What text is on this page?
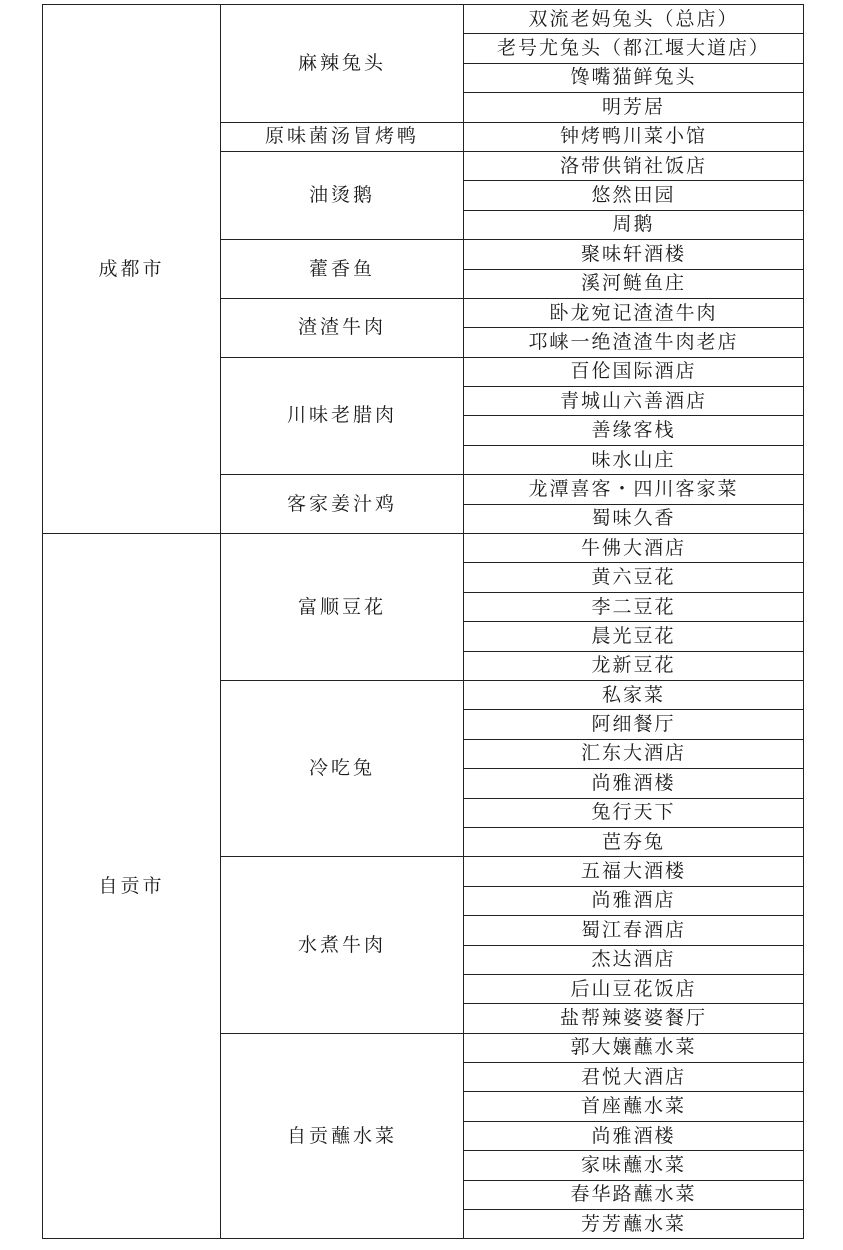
成都市	麻辣兔头	双流老妈兔头（总店）
		老号尤兔头（都江堰大道店）
		馋嘴猫鲜兔头
		明芳居
	原味菌汤冒烤鸭	钟烤鸭川菜小馆
	油烫鹅	洛带供销社饭店
		悠然田园
		周鹅
	藿香鱼	聚味轩酒楼
		溪河鲢鱼庄
	渣渣牛肉	卧龙宛记渣渣牛肉
		邛崃一绝渣渣牛肉老店
	川味老腊肉	百伦国际酒店
		青城山六善酒店
		善缘客栈
		味水山庄
	客家姜汁鸡	龙潭喜客・四川客家菜
		蜀味久香
自贡市	富顺豆花	牛佛大酒店
		黄六豆花
		李二豆花
		晨光豆花
		龙新豆花
	冷吃兔	私家菜
		阿细餐厅
		汇东大酒店
		尚雅酒楼
		兔行天下
		芭夯兔
	水煮牛肉	五福大酒楼
		尚雅酒店
		蜀江春酒店
		杰达酒店
		后山豆花饭店
		盐帮辣婆婆餐厅
	自贡蘸水菜	郭大孃蘸水菜
		君悦大酒店
		首座蘸水菜
		尚雅酒楼
		家味蘸水菜
		春华路蘸水菜
		芳芳蘸水菜
